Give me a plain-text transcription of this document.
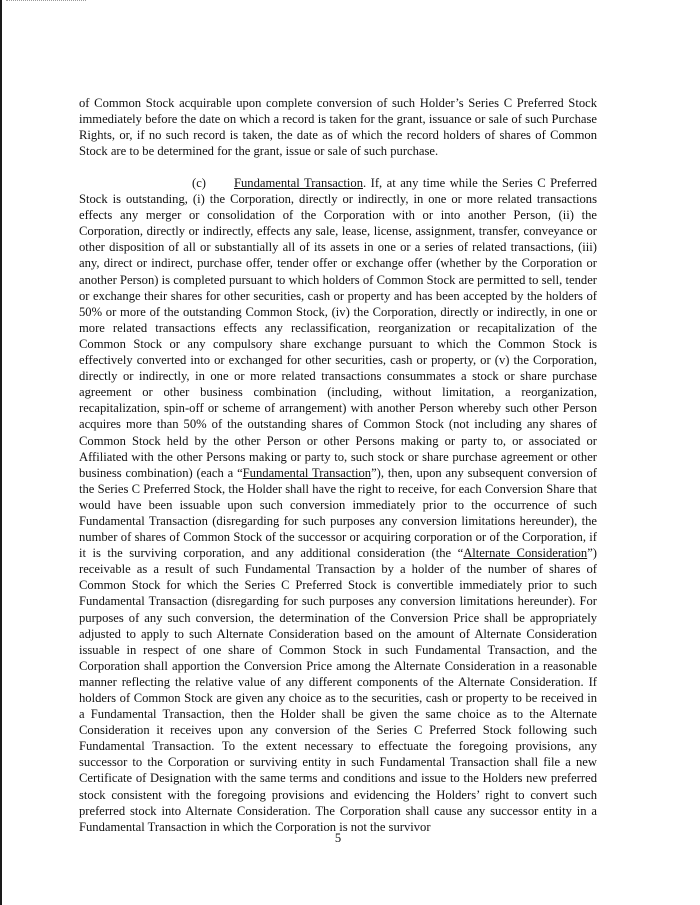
of Common Stock acquirable upon complete conversion of such Holder’s Series C Preferred Stock immediately before the date on which a record is taken for the grant, issuance or sale of such Purchase Rights, or, if no such record is taken, the date as of which the record holders of shares of Common Stock are to be determined for the grant, issue or sale of such purchase.

(c) Fundamental Transaction. If, at any time while the Series C Preferred Stock is outstanding, (i) the Corporation, directly or indirectly, in one or more related transactions effects any merger or consolidation of the Corporation with or into another Person, (ii) the Corporation, directly or indirectly, effects any sale, lease, license, assignment, transfer, conveyance or other disposition of all or substantially all of its assets in one or a series of related transactions, (iii) any, direct or indirect, purchase offer, tender offer or exchange offer (whether by the Corporation or another Person) is completed pursuant to which holders of Common Stock are permitted to sell, tender or exchange their shares for other securities, cash or property and has been accepted by the holders of 50% or more of the outstanding Common Stock, (iv) the Corporation, directly or indirectly, in one or more related transactions effects any reclassification, reorganization or recapitalization of the Common Stock or any compulsory share exchange pursuant to which the Common Stock is effectively converted into or exchanged for other securities, cash or property, or (v) the Corporation, directly or indirectly, in one or more related transactions consummates a stock or share purchase agreement or other business combination (including, without limitation, a reorganization, recapitalization, spin-off or scheme of arrangement) with another Person whereby such other Person acquires more than 50% of the outstanding shares of Common Stock (not including any shares of Common Stock held by the other Person or other Persons making or party to, or associated or Affiliated with the other Persons making or party to, such stock or share purchase agreement or other business combination) (each a “Fundamental Transaction”), then, upon any subsequent conversion of the Series C Preferred Stock, the Holder shall have the right to receive, for each Conversion Share that would have been issuable upon such conversion immediately prior to the occurrence of such Fundamental Transaction (disregarding for such purposes any conversion limitations hereunder), the number of shares of Common Stock of the successor or acquiring corporation or of the Corporation, if it is the surviving corporation, and any additional consideration (the “Alternate Consideration”) receivable as a result of such Fundamental Transaction by a holder of the number of shares of Common Stock for which the Series C Preferred Stock is convertible immediately prior to such Fundamental Transaction (disregarding for such purposes any conversion limitations hereunder). For purposes of any such conversion, the determination of the Conversion Price shall be appropriately adjusted to apply to such Alternate Consideration based on the amount of Alternate Consideration issuable in respect of one share of Common Stock in such Fundamental Transaction, and the Corporation shall apportion the Conversion Price among the Alternate Consideration in a reasonable manner reflecting the relative value of any different components of the Alternate Consideration. If holders of Common Stock are given any choice as to the securities, cash or property to be received in a Fundamental Transaction, then the Holder shall be given the same choice as to the Alternate Consideration it receives upon any conversion of the Series C Preferred Stock following such Fundamental Transaction. To the extent necessary to effectuate the foregoing provisions, any successor to the Corporation or surviving entity in such Fundamental Transaction shall file a new Certificate of Designation with the same terms and conditions and issue to the Holders new preferred stock consistent with the foregoing provisions and evidencing the Holders’ right to convert such preferred stock into Alternate Consideration. The Corporation shall cause any successor entity in a Fundamental Transaction in which the Corporation is not the survivor

5
